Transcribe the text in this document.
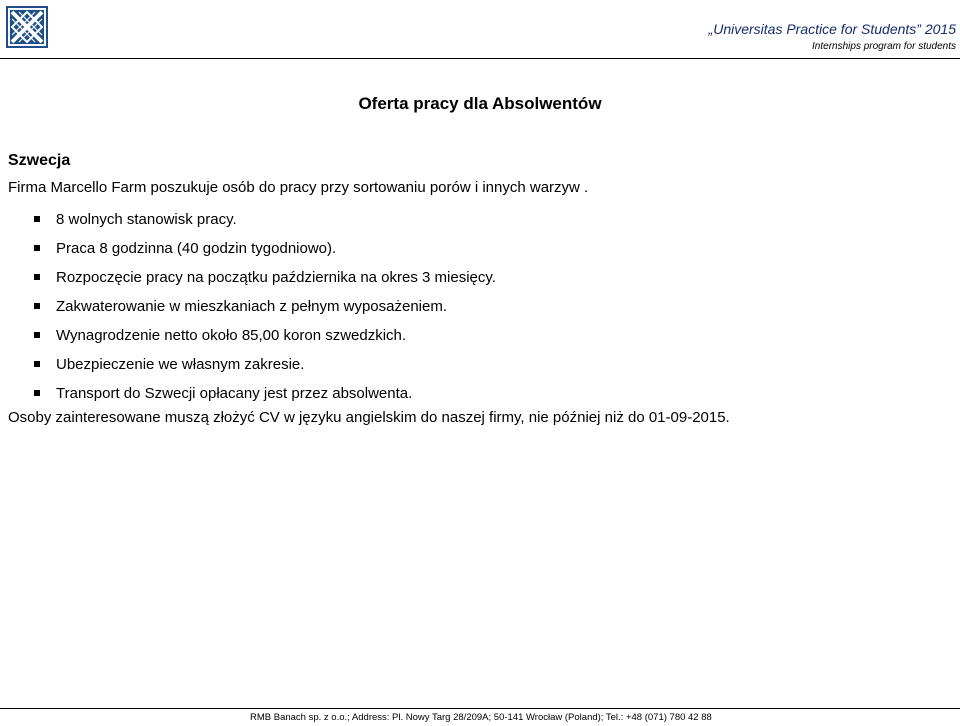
„Universitas Practice for Students” 2015
Internships program for students
Oferta pracy dla Absolwentów
Szwecja
Firma Marcello Farm poszukuje osób do pracy przy sortowaniu porów i innych warzyw .
8 wolnych stanowisk pracy.
Praca 8 godzinna (40 godzin tygodniowo).
Rozpoczęcie pracy na początku października na okres 3 miesięcy.
Zakwaterowanie w mieszkaniach z pełnym wyposażeniem.
Wynagrodzenie netto około 85,00 koron szwedzkich.
Ubezpieczenie we własnym zakresie.
Transport do Szwecji opłacany jest przez absolwenta.
Osoby zainteresowane muszą złożyć CV w języku angielskim do naszej firmy, nie później niż do 01-09-2015.
RMB Banach sp. z o.o.; Address: Pl. Nowy Targ 28/209A; 50-141 Wrocław (Poland); Tel.: +48 (071) 780 42 88
